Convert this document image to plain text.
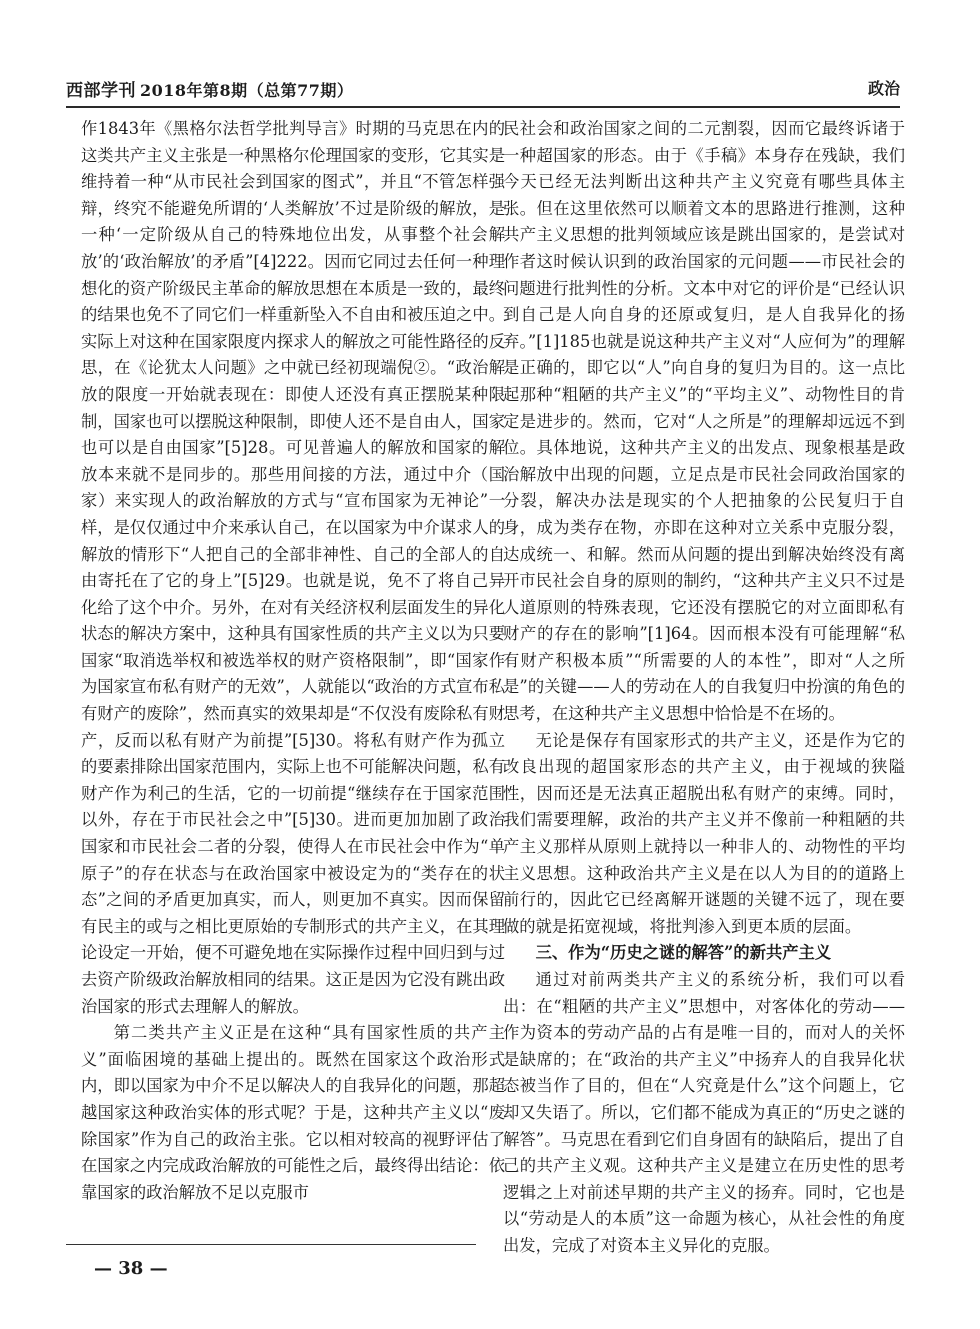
西部学刊 2018年第8期（总第77期）	政治

作1843年《黑格尔法哲学批判导言》时期的马克思在内的这类共产主义主张是一种黑格尔伦理国家的变形，它其实是维持着一种“从市民社会到国家的图式”，并且“不管怎样强辩，终究不能避免所谓的‘人类解放’不过是阶级的解放，是一种‘一定阶级从自己的特殊地位出发，从事整个社会解放’的‘政治解放’的矛盾”[4]222。因而它同过去任何一种理想化的资产阶级民主革命的解放思想在本质是一致的，最终的结果也免不了同它们一样重新坠入不自由和被压迫之中。实际上对这种在国家限度内探求人的解放之可能性路径的反思，在《论犹太人问题》之中就已经初现端倪②。“政治解放的限度一开始就表现在：即使人还没有真正摆脱某种限制，国家也可以摆脱这种限制，即使人还不是自由人，国家也可以是自由国家”[5]28。可见普遍人的解放和国家的解放本来就不是同步的。那些用间接的方法，通过中介（国家）来实现人的政治解放的方式与“宣布国家为无神论”一样，是仅仅通过中介来承认自己，在以国家为中介谋求人的解放的情形下“人把自己的全部非神性、自己的全部人的自由寄托在了它的身上”[5]29。也就是说，免不了将自己异化给了这个中介。另外，在对有关经济权利层面发生的异化状态的解决方案中，这种具有国家性质的共产主义以为只要国家“取消选举权和被选举权的财产资格限制”，即“国家作为国家宣布私有财产的无效”，人就能以“政治的方式宣布私有财产的废除”，然而真实的效果却是“不仅没有废除私有财产，反而以私有财产为前提”[5]30。将私有财产作为孤立的要素排除出国家范围内，实际上也不可能解决问题，私有财产作为利己的生活，它的一切前提“继续存在于国家范围以外，存在于市民社会之中”[5]30。进而更加加剧了政治国家和市民社会二者的分裂，使得人在市民社会中作为“单原子”的存在状态与在政治国家中被设定为的“类存在的状态”之间的矛盾更加真实，而人，则更加不真实。因而保留有民主的或与之相比更原始的专制形式的共产主义，在其理论设定一开始，便不可避免地在实际操作过程中回归到与过去资产阶级政治解放相同的结果。这正是因为它没有跳出政治国家的形式去理解人的解放。

第二类共产主义正是在这种“具有国家性质的共产主义”面临困境的基础上提出的。既然在国家这个政治形式内，即以国家为中介不足以解决人的自我异化的问题，那超越国家这种政治实体的形式呢？于是，这种共产主义以“废除国家”作为自己的政治主张。它以相对较高的视野评估了在国家之内完成政治解放的可能性之后，最终得出结论：依靠国家的政治解放不足以克服市

民社会和政治国家之间的二元割裂，因而它最终诉诸于一种超国家的形态。由于《手稿》本身存在残缺，我们今天已经无法判断出这种共产主义究竟有哪些具体主张。但在这里依然可以顺着文本的思路进行推测，这种共产主义思想的批判领域应该是跳出国家的，是尝试对作者这时候认识到的政治国家的元问题——市民社会的问题进行批判性的分析。文本中对它的评价是“已经认识到自己是人向自身的还原或复归，是人自我异化的扬弃。”[1]185也就是说这种共产主义对“人应何为”的理解是正确的，即它以“人”向自身的复归为目的。这一点比起那种“粗陋的共产主义”的“平均主义”、动物性目的肯定是进步的。然而，它对“人之所是”的理解却远远不到位。具体地说，这种共产主义的出发点、现象根基是政治解放中出现的问题，立足点是市民社会同政治国家的分裂，解决办法是现实的个人把抽象的公民复归于自身，成为类存在物，亦即在这种对立关系中克服分裂，达成统一、和解。然而从问题的提出到解决始终没有离开市民社会自身的原则的制约，“这种共产主义只不过是人道原则的特殊表现，它还没有摆脱它的对立面即私有财产的存在的影响”[1]64。因而根本没有可能理解“私有财产积极本质”“所需要的人的本性”，即对“人之所是”的关键——人的劳动在人的自我复归中扮演的角色的思考，在这种共产主义思想中恰恰是不在场的。

无论是保存有国家形式的共产主义，还是作为它的改良出现的超国家形态的共产主义，由于视域的狭隘性，因而还是无法真正超脱出私有财产的束缚。同时，我们需要理解，政治的共产主义并不像前一种粗陋的共产主义那样从原则上就持以一种非人的、动物性的平均主义思想。这种政治共产主义是在以人为目的的道路上前行的，因此它已经离解开谜题的关键不远了，现在要做的就是拓宽视域，将批判渗入到更本质的层面。

三、作为“历史之谜的解答”的新共产主义

通过对前两类共产主义的系统分析，我们可以看出：在“粗陋的共产主义”思想中，对客体化的劳动——作为资本的劳动产品的占有是唯一目的，而对人的关怀是缺席的；在“政治的共产主义”中扬弃人的自我异化状态被当作了目的，但在“人究竟是什么”这个问题上，它却又失语了。所以，它们都不能成为真正的“历史之谜的解答”。马克思在看到它们自身固有的缺陷后，提出了自己的共产主义观。这种共产主义是建立在历史性的思考逻辑之上对前述早期的共产主义的扬弃。同时，它也是以“劳动是人的本质”这一命题为核心，从社会性的角度出发，完成了对资本主义异化的克服。

— 38 —
